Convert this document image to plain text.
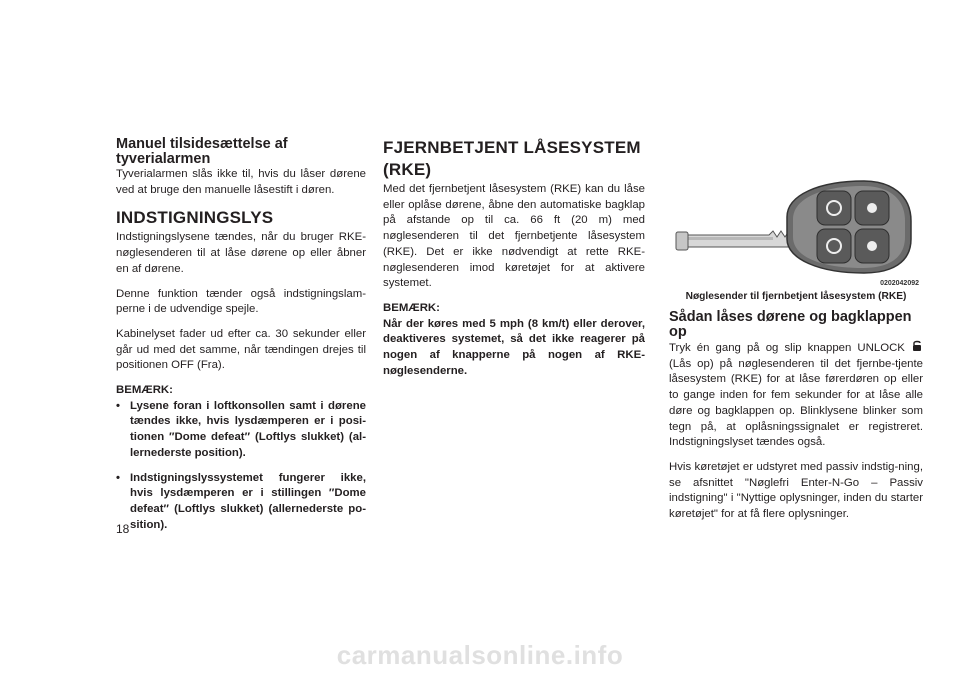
Manuel tilsidesættelse af tyverialarmen

Tyverialarmen slås ikke til, hvis du låser dørene ved at bruge den manuelle låsestift i døren.

INDSTIGNINGSLYS

Indstigningslysene tændes, når du bruger RKE-nøglesenderen til at låse dørene op eller åbner en af dørene.

Denne funktion tænder også indstigningslam-perne i de udvendige spejle.

Kabinelyset fader ud efter ca. 30 sekunder eller går ud med det samme, når tændingen drejes til positionen OFF (Fra).

BEMÆRK:

• Lysene foran i loftkonsollen samt i dørene tændes ikke, hvis lysdæmperen er i posi-tionen ″Dome defeat″ (Loftlys slukket) (al-lernederste position).
• Indstigningslyssystemet fungerer ikke, hvis lysdæmperen er i stillingen ″Dome defeat″ (Loftlys slukket) (allernederste po-sition).
FJERNBETJENT LÅSESYSTEM (RKE)

Med det fjernbetjent låsesystem (RKE) kan du låse eller oplåse dørene, åbne den automatiske bagklap på afstande op til ca. 66 ft (20 m) med nøglesenderen til det fjernbetjente låsesystem (RKE). Det er ikke nødvendigt at rette RKE-nøglesenderen imod køretøjet for at aktivere systemet.

BEMÆRK:

Når der køres med 5 mph (8 km/t) eller derover, deaktiveres systemet, så det ikke reagerer på nogen af knapperne på nogen af RKE-nøglesenderne.

0202042092
Nøglesender til fjernbetjent låsesystem (RKE)
Sådan låses dørene og bagklappen op

Tryk én gang på og slip knappen UNLOCK  (Lås op) på nøglesenderen til det fjernbe-tjente låsesystem (RKE) for at låse førerdøren op eller to gange inden for fem sekunder for at låse alle døre og bagklappen op. Blinklysene blinker som tegn på, at oplåsningssignalet er registreret. Indstigningslyset tændes også.

Hvis køretøjet er udstyret med passiv indstig-ning, se afsnittet "Nøglefri Enter-N-Go – Passiv indstigning" i "Nyttige oplysninger, inden du starter køretøjet" for at få flere oplysninger.

18
carmanualsonline.info
